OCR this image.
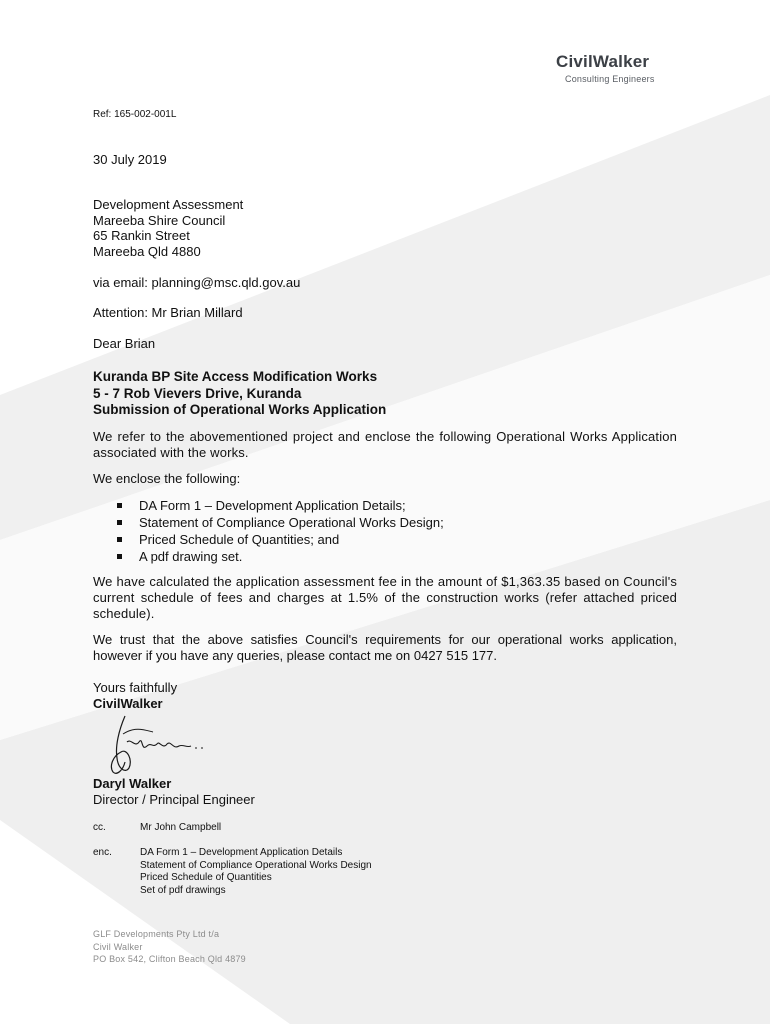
CivilWalker
Consulting Engineers
Ref: 165-002-001L
30 July 2019
Development Assessment
Mareeba Shire Council
65 Rankin Street
Mareeba Qld 4880
via email: planning@msc.qld.gov.au
Attention: Mr Brian Millard
Dear Brian
Kuranda BP Site Access Modification Works
5 - 7 Rob Vievers Drive, Kuranda
Submission of Operational Works Application
We refer to the abovementioned project and enclose the following Operational Works Application associated with the works.
We enclose the following:
DA Form 1 – Development Application Details;
Statement of Compliance Operational Works Design;
Priced Schedule of Quantities; and
A pdf drawing set.
We have calculated the application assessment fee in the amount of $1,363.35 based on Council's current schedule of fees and charges at 1.5% of the construction works (refer attached priced schedule).
We trust that the above satisfies Council's requirements for our operational works application, however if you have any queries, please contact me on 0427 515 177.
Yours faithfully
CivilWalker
Daryl Walker
Director / Principal Engineer
cc.	Mr John Campbell
enc.	DA Form 1 – Development Application Details
Statement of Compliance Operational Works Design
Priced Schedule of Quantities
Set of pdf drawings
GLF Developments Pty Ltd t/a
Civil Walker
PO Box 542, Clifton Beach Qld 4879
